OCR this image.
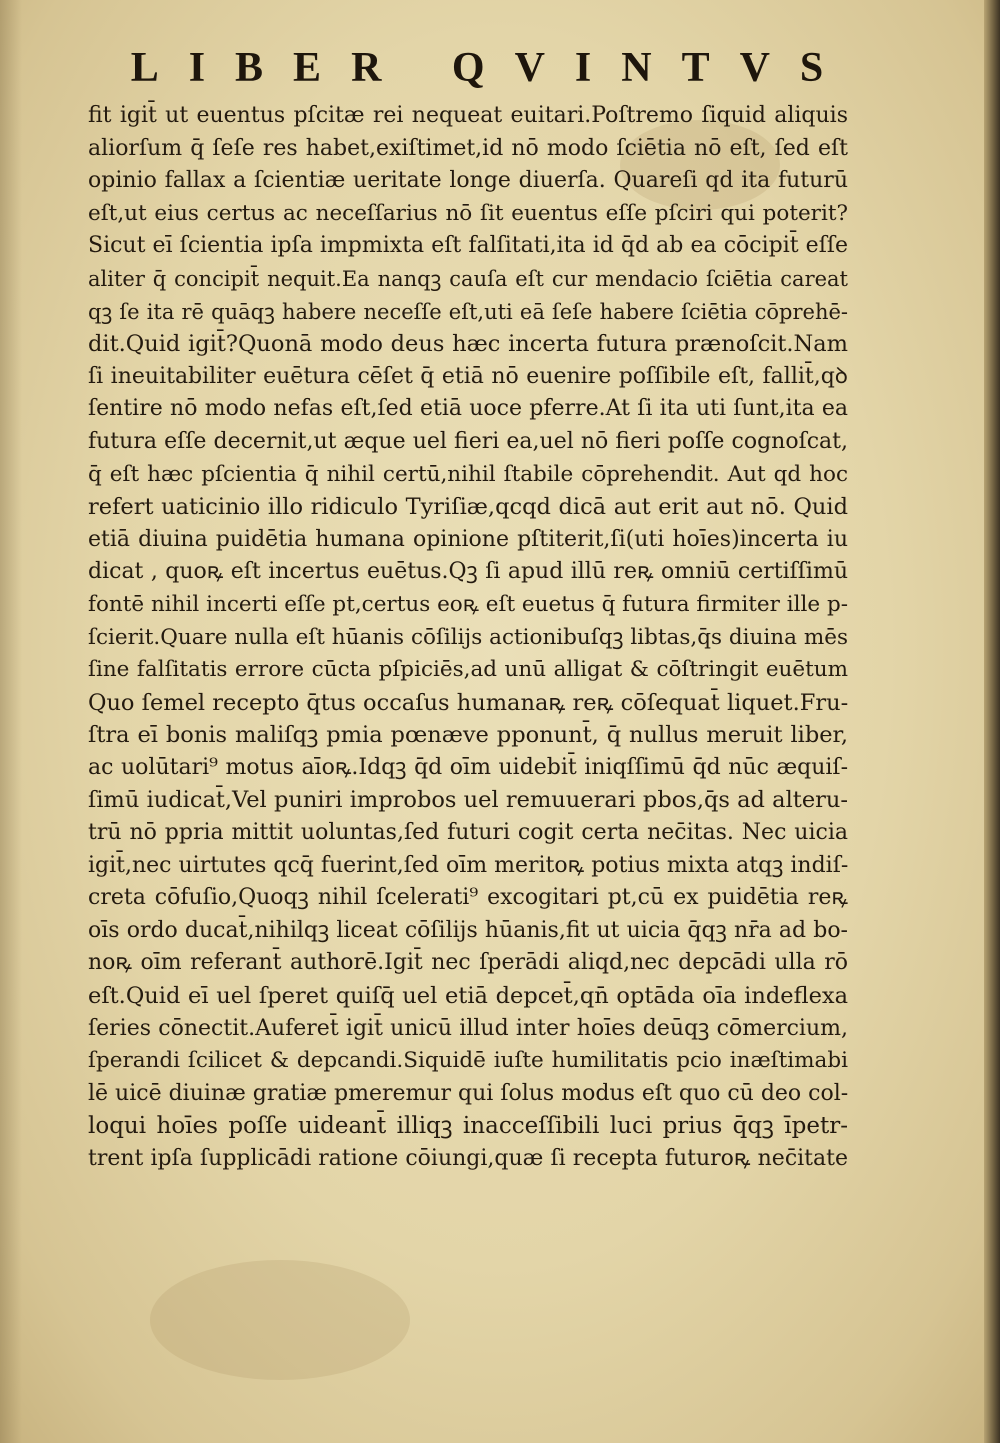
LIBER QVINTVS
fit igit̄ ut euentus pſcitæ rei nequeat euitari.Poſtremo ſiquid aliquis
aliorſum q̄ ſeſe res habet,exiſtimet,id nō modo ſciētia nō eſt, ſed eſt
opinio fallax a ſcientiæ ueritate longe diuerſa. Quareſi qd ita futurū
eſt,ut eius certus ac neceſſarius nō ſit euentus eſſe pſciri qui poterit?
Sicut eī ſcientia ipſa impmixta eſt falſitati,ita id q̄d ab ea cōcipit̄ eſſe
aliter q̄ concipit̄ nequit.Ea nanqꝫ cauſa eſt cur mendacio ſciētia careat
qꝫ ſe ita rē quāqꝫ habere neceſſe eſt,uti eā ſeſe habere ſciētia cōprehē-
dit.Quid igit̄?Quonā modo deus hæc incerta futura prænoſcit.Nam
ſi ineuitabiliter euētura cēſet q̄ etiā nō euenire poſſibile eſt, fallit̄,qꝺ
ſentire nō modo nefas eſt,ſed etiā uoce pferre.At ſi ita uti ſunt,ita ea
futura eſſe decernit,ut æque uel fieri ea,uel nō fieri poſſe cognoſcat,
q̄ eſt hæc pſcientia q̄ nihil certū,nihil ſtabile cōprehendit. Aut qd hoc
refert uaticinio illo ridiculo Tyriſiæ,qcqd dicā aut erit aut nō. Quid
etiā diuina puidētia humana opinione pſtiterit,ſi(uti hoīes)incerta iu
dicat , quoꝶ eſt incertus euētus.Qꝫ ſi apud illū reꝶ omniū certiſſimū
fontē nihil incerti eſſe pt,certus eoꝶ eſt euetus q̄ futura firmiter ille p-
ſcierit.Quare nulla eſt hūanis cōſilijs actionibuſqꝫ libtas,q̄s diuina mēs
ſine falſitatis errore cūcta pſpiciēs,ad unū alligat & cōſtringit euētum
Quo ſemel recepto q̄tus occaſus humanaꝶ reꝶ cōſequat̄ liquet.Fru-
ſtra eī bonis maliſqꝫ pmia pœnæve pponunt̄, q̄ nullus meruit liber,
ac uolūtari⁹ motus aīoꝶ.Idqꝫ q̄d oīm uidebit̄ iniqſſimū q̄d nūc æquiſ-
ſimū iudicat̄,Vel puniri improbos uel remuuerari pbos,q̄s ad alteru-
trū nō ppria mittit uoluntas,ſed futuri cogit certa nec̄itas. Nec uicia
igit̄,nec uirtutes qcq̄ fuerint,ſed oīm meritoꝶ potius mixta atqꝫ indiſ-
creta cōfuſio,Quoqꝫ nihil ſcelerati⁹ excogitari pt,cū ex puidētia reꝶ
oīs ordo ducat̄,nihilqꝫ liceat cōſilijs hūanis,fit ut uicia q̄qꝫ nr̄a ad bo-
noꝶ oīm referant̄ authorē.Igit̄ nec ſperādi aliqd,nec depcādi ulla rō
eſt.Quid eī uel ſperet quiſq̄ uel etiā depcet̄,qn̄ optāda oīa indeflexa
ſeries cōnectit.Auferet̄ igit̄ unicū illud inter hoīes deūqꝫ cōmercium,
ſperandi ſcilicet & depcandi.Siquidē iuſte humilitatis pcio inæſtimabi
lē uicē diuinæ gratiæ pmeremur qui ſolus modus eſt quo cū deo col-
loqui hoīes poſſe uideant̄ illiqꝫ inacceſſibili luci prius q̄qꝫ īpetr-
trent ipſa ſupplicādi ratione cōiungi,quæ ſi recepta futuroꝶ nec̄itate
